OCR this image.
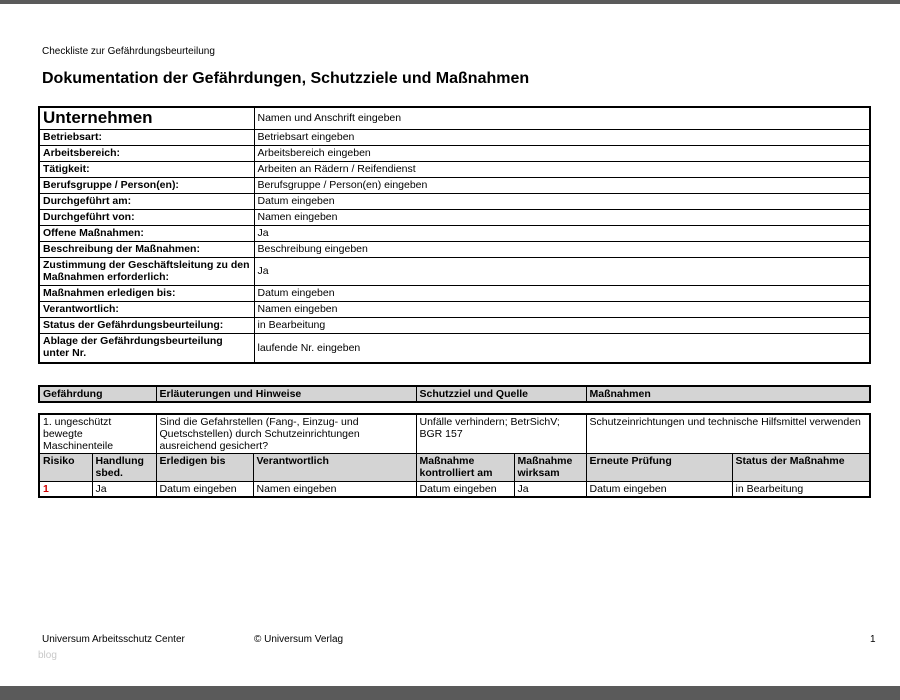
Checkliste zur Gefährdungsbeurteilung
Dokumentation der Gefährdungen, Schutzziele und Maßnahmen
Unternehmen	Namen und Anschrift eingeben
Betriebsart:	Betriebsart eingeben
Arbeitsbereich:	Arbeitsbereich eingeben
Tätigkeit:	Arbeiten an Rädern / Reifendienst
Berufsgruppe / Person(en):	Berufsgruppe / Person(en) eingeben
Durchgeführt am:	Datum eingeben
Durchgeführt von:	Namen eingeben
Offene Maßnahmen:	Ja
Beschreibung der Maßnahmen:	Beschreibung eingeben
Zustimmung der Geschäftsleitung zu den Maßnahmen erforderlich:	Ja
Maßnahmen erledigen bis:	Datum eingeben
Verantwortlich:	Namen eingeben
Status der Gefährdungsbeurteilung:	in Bearbeitung
Ablage der Gefährdungsbeurteilung unter Nr.	laufende Nr. eingeben
Gefährdung	Erläuterungen und Hinweise	Schutzziel und Quelle	Maßnahmen
1. ungeschützt bewegte Maschinenteile	Sind die Gefahrstellen (Fang-, Einzug- und Quetschstellen) durch Schutzeinrichtungen ausreichend gesichert?	Unfälle verhindern; BetrSichV; BGR 157	Schutzeinrichtungen und technische Hilfsmittel verwenden
Risiko	Handlung sbed.	Erledigen bis	Verantwortlich	Maßnahme kontrolliert am	Maßnahme wirksam	Erneute Prüfung	Status der Maßnahme
1	Ja	Datum eingeben	Namen eingeben	Datum eingeben	Ja	Datum eingeben	in Bearbeitung
Universum Arbeitsschutz Center	© Universum Verlag	1
blog
